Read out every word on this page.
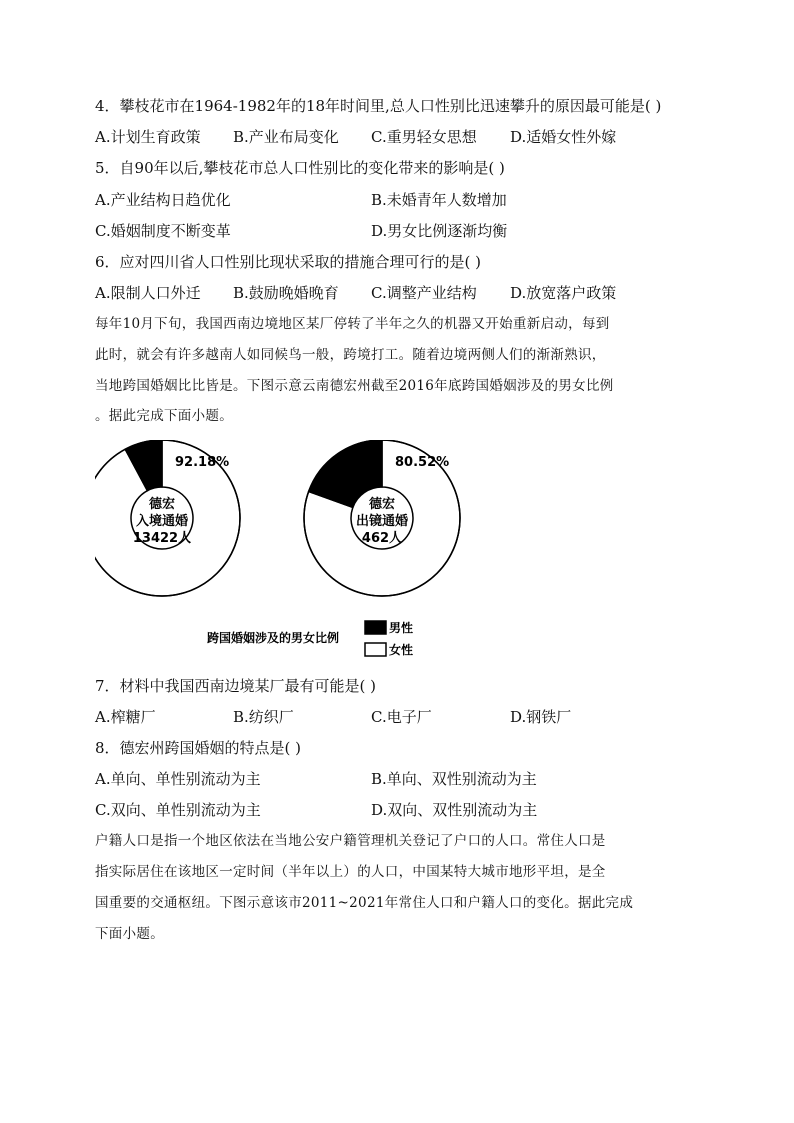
4．攀枝花市在1964-1982年的18年时间里,总人口性别比迅速攀升的原因最可能是( )
A.计划生育政策 B.产业布局变化 C.重男轻女思想 D.适婚女性外嫁
5．自90年以后,攀枝花市总人口性别比的变化带来的影响是( )
A.产业结构日趋优化	B.未婚青年人数增加
C.婚姻制度不断变革	D.男女比例逐渐均衡
6．应对四川省人口性别比现状采取的措施合理可行的是( )
A.限制人口外迁 B.鼓励晚婚晚育 C.调整产业结构 D.放宽落户政策
每年10月下旬，我国西南边境地区某厂停转了半年之久的机器又开始重新启动，每到
此时，就会有许多越南人如同候鸟一般，跨境打工。随着边境两侧人们的渐渐熟识，
当地跨国婚姻比比皆是。下图示意云南德宏州截至2016年底跨国婚姻涉及的男女比例
。据此完成下面小题。
92.18%
德宏
入境通婚
13422人
80.52%
德宏
出镜通婚
462人
跨国婚姻涉及的男女比例
男性
女性
7．材料中我国西南边境某厂最有可能是( )
A.榨糖厂	B.纺织厂	C.电子厂	D.钢铁厂
8．德宏州跨国婚姻的特点是( )
A.单向、单性别流动为主	B.单向、双性别流动为主
C.双向、单性别流动为主	D.双向、双性别流动为主
户籍人口是指一个地区依法在当地公安户籍管理机关登记了户口的人口。常住人口是
指实际居住在该地区一定时间（半年以上）的人口，中国某特大城市地形平坦，是全
国重要的交通枢纽。下图示意该市2011~2021年常住人口和户籍人口的变化。据此完成
下面小题。
